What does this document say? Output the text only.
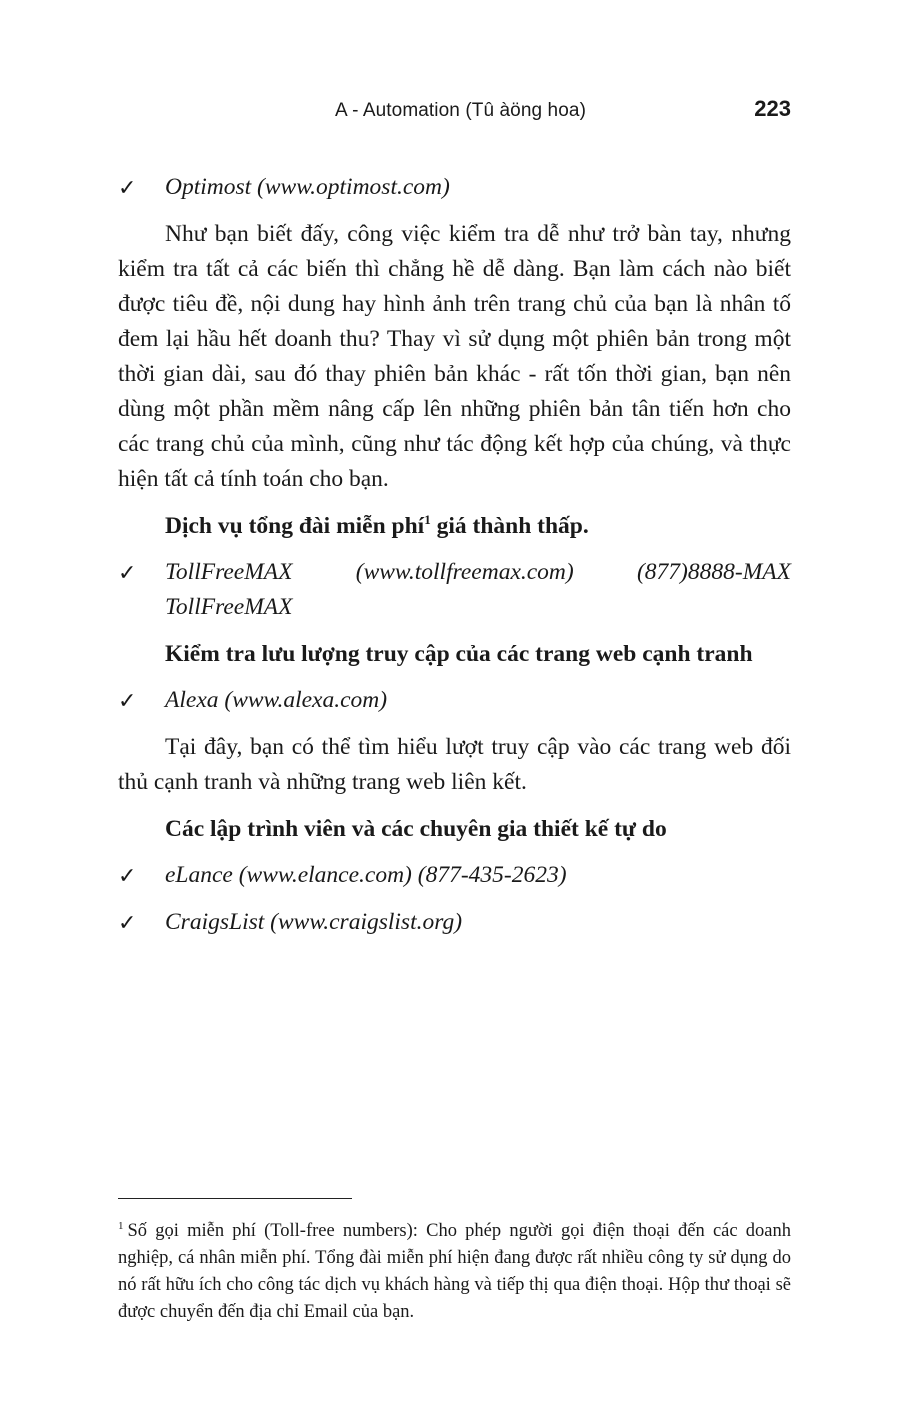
A - Automation (Tû àöng hoa)	223
✓ Optimost (www.optimost.com)

Như bạn biết đấy, công việc kiểm tra dễ như trở bàn tay, nhưng kiểm tra tất cả các biến thì chẳng hề dễ dàng. Bạn làm cách nào biết được tiêu đề, nội dung hay hình ảnh trên trang chủ của bạn là nhân tố đem lại hầu hết doanh thu? Thay vì sử dụng một phiên bản trong một thời gian dài, sau đó thay phiên bản khác - rất tốn thời gian, bạn nên dùng một phần mềm nâng cấp lên những phiên bản tân tiến hơn cho các trang chủ của mình, cũng như tác động kết hợp của chúng, và thực hiện tất cả tính toán cho bạn.

Dịch vụ tổng đài miễn phí$^1$ giá thành thấp.
✓ TollFreeMAX	(www.tollfreemax.com)	(877)8888-MAX
TollFreeMAX
Kiểm tra lưu lượng truy cập của các trang web cạnh tranh
✓ Alexa (www.alexa.com)

Tại đây, bạn có thể tìm hiểu lượt truy cập vào các trang web đối thủ cạnh tranh và những trang web liên kết.

Các lập trình viên và các chuyên gia thiết kế tự do
✓ eLance (www.elance.com) (877-435-2623)
✓ CraigsList (www.craigslist.org)
$^1$ Số gọi miễn phí (Toll-free numbers): Cho phép người gọi điện thoại đến các doanh nghiệp, cá nhân miễn phí. Tổng đài miễn phí hiện đang được rất nhiều công ty sử dụng do nó rất hữu ích cho công tác dịch vụ khách hàng và tiếp thị qua điện thoại. Hộp thư thoại sẽ được chuyển đến địa chỉ Email của bạn.
